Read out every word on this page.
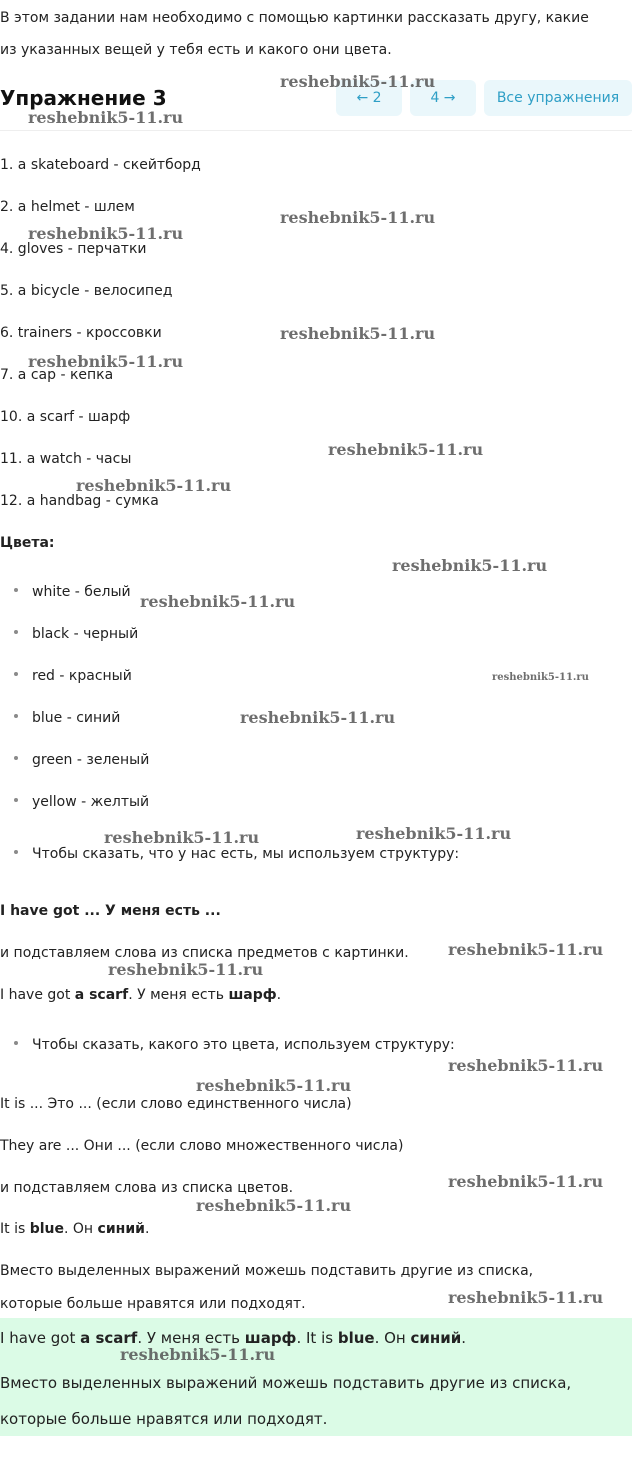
В этом задании нам необходимо с помощью картинки рассказать другу, какие
из указанных вещей у тебя есть и какого они цвета.
Упражнение 3	← 2	4 →	Все упражнения
1. a skateboard - скейтборд
2. a helmet - шлем
4. gloves - перчатки
5. a bicycle - велосипед
6. trainers - кроссовки
7. a cap - кепка
10. a scarf - шарф
11. a watch - часы
12. a handbag - сумка
Цвета:
white - белый
black - черный
red - красный
blue - синий
green - зеленый
yellow - желтый
Чтобы сказать, что у нас есть, мы используем структуру:
I have got ... У меня есть ...
и подставляем слова из списка предметов с картинки.
I have got a scarf. У меня есть шарф.
Чтобы сказать, какого это цвета, используем структуру:
It is ... Это ... (если слово единственного числа)
They are ... Они ... (если слово множественного числа)
и подставляем слова из списка цветов.
It is blue. Он синий.
Вместо выделенных выражений можешь подставить другие из списка,
которые больше нравятся или подходят.
I have got a scarf. У меня есть шарф. It is blue. Он синий.
Вместо выделенных выражений можешь подставить другие из списка,
которые больше нравятся или подходят.
reshebnik5-11.ru
reshebnik5-11.ru
reshebnik5-11.ru
reshebnik5-11.ru
reshebnik5-11.ru
reshebnik5-11.ru
reshebnik5-11.ru
reshebnik5-11.ru
reshebnik5-11.ru
reshebnik5-11.ru
reshebnik5-11.ru
reshebnik5-11.ru
reshebnik5-11.ru
reshebnik5-11.ru
reshebnik5-11.ru
reshebnik5-11.ru
reshebnik5-11.ru
reshebnik5-11.ru
reshebnik5-11.ru
reshebnik5-11.ru
reshebnik5-11.ru
reshebnik5-11.ru
